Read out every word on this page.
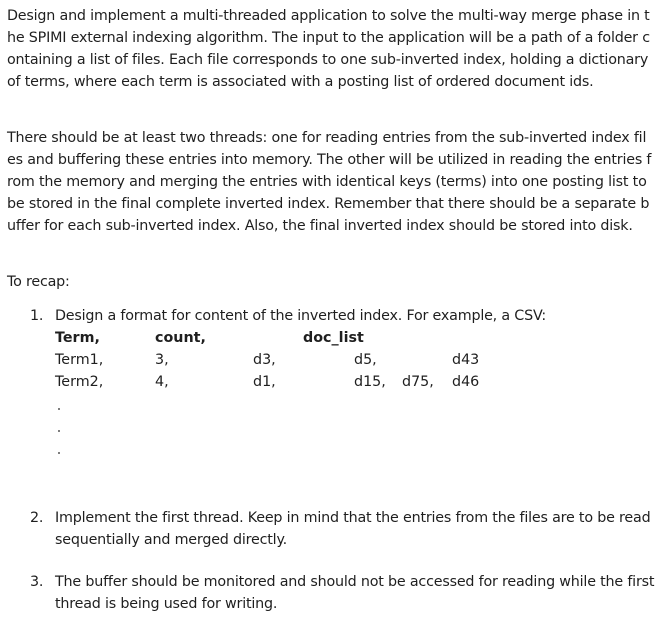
Design and implement a multi-threaded application to solve the multi-way merge phase in the SPIMI external indexing algorithm. The input to the application will be a path of a folder containing a list of files. Each file corresponds to one sub-inverted index, holding a dictionary of terms, where each term is associated with a posting list of ordered document ids.

There should be at least two threads: one for reading entries from the sub-inverted index files and buffering these entries into memory. The other will be utilized in reading the entries from the memory and merging the entries with identical keys (terms) into one posting list to be stored in the final complete inverted index. Remember that there should be a separate buffer for each sub-inverted index. Also, the final inverted index should be stored into disk.

To recap:

1. Design a format for content of the inverted index. For example, a CSV:
Term,	count,	doc_list
Term1,	3,	d3,	d5,	d43
Term2,	4,	d1,	d15, d75, d46
2. Implement the first thread. Keep in mind that the entries from the files are to be read sequentially and merged directly.
3. The buffer should be monitored and should not be accessed for reading while the first thread is being used for writing.
